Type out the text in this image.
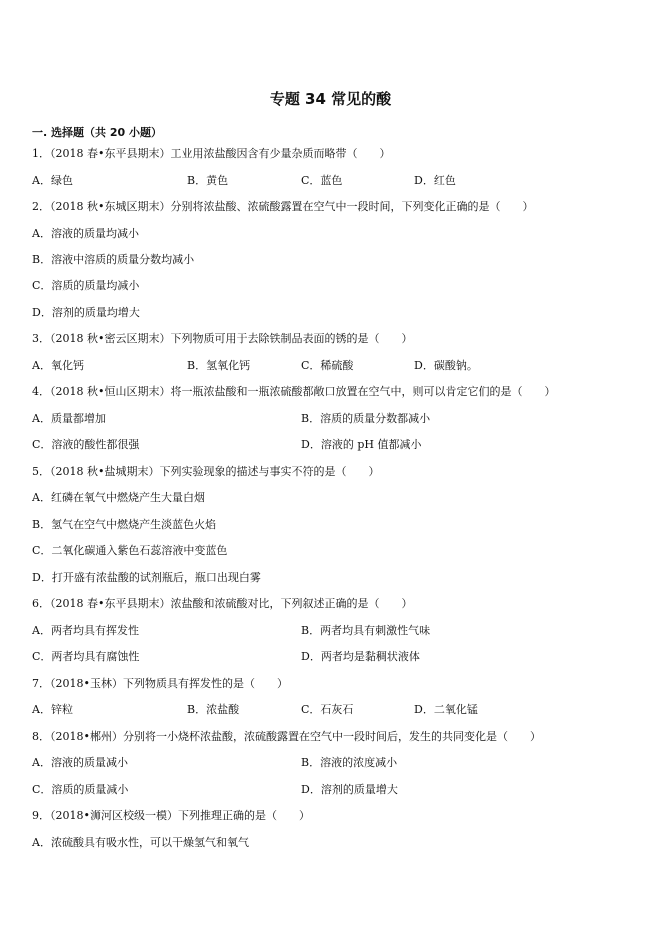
专题 34 常见的酸
一. 选择题（共 20 小题）
1．（2018 春•东平县期末）工业用浓盐酸因含有少量杂质而略带（　　）
A．绿色	B．黄色	C．蓝色	D．红色
2．（2018 秋•东城区期末）分别将浓盐酸、浓硫酸露置在空气中一段时间，下列变化正确的是（　　）
A．溶液的质量均减小
B．溶液中溶质的质量分数均减小
C．溶质的质量均减小
D．溶剂的质量均增大
3．（2018 秋•密云区期末）下列物质可用于去除铁制品表面的锈的是（　　）
A．氧化钙	B．氢氧化钙	C．稀硫酸	D．碳酸钠。
4．（2018 秋•恒山区期末）将一瓶浓盐酸和一瓶浓硫酸都敞口放置在空气中，则可以肯定它们的是（　　）
A．质量都增加	B．溶质的质量分数都减小
C．溶液的酸性都很强	D．溶液的 pH 值都减小
5．（2018 秋•盐城期末）下列实验现象的描述与事实不符的是（　　）
A．红磷在氧气中燃烧产生大量白烟
B．氢气在空气中燃烧产生淡蓝色火焰
C．二氧化碳通入紫色石蕊溶液中变蓝色
D．打开盛有浓盐酸的试剂瓶后，瓶口出现白雾
6．（2018 春•东平县期末）浓盐酸和浓硫酸对比，下列叙述正确的是（　　）
A．两者均具有挥发性	B．两者均具有刺激性气味
C．两者均具有腐蚀性	D．两者均是黏稠状液体
7．（2018•玉林）下列物质具有挥发性的是（　　）
A．锌粒	B．浓盐酸	C．石灰石	D．二氧化锰
8．（2018•郴州）分别将一小烧杯浓盐酸，浓硫酸露置在空气中一段时间后，发生的共同变化是（　　）
A．溶液的质量减小	B．溶液的浓度减小
C．溶质的质量减小	D．溶剂的质量增大
9．（2018•浉河区校级一模）下列推理正确的是（　　）
A．浓硫酸具有吸水性，可以干燥氢气和氧气
